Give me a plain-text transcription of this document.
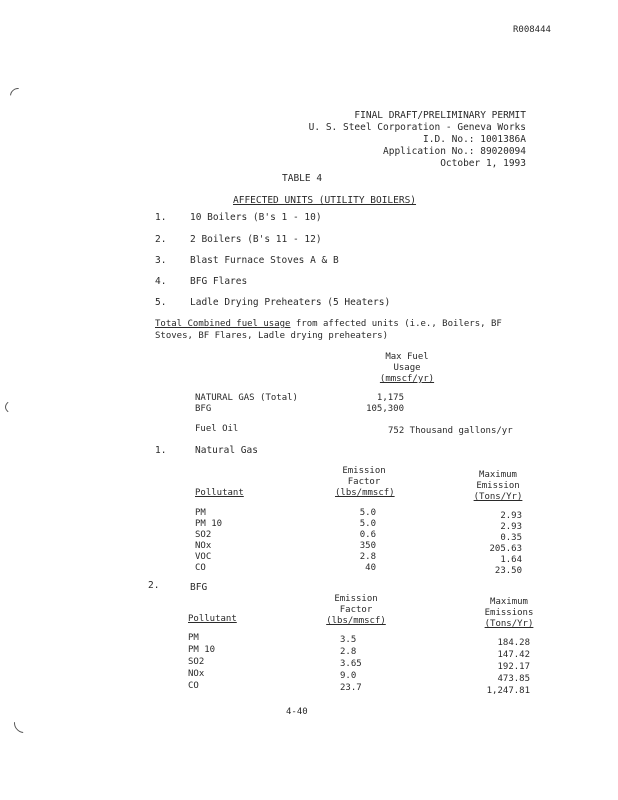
R008444
FINAL DRAFT/PRELIMINARY PERMIT
U. S. Steel Corporation - Geneva Works
I.D. No.: 1001386A
Application No.: 89020094
October 1, 1993
TABLE 4
AFFECTED UNITS (UTILITY BOILERS)
1. 10 Boilers (B's 1 - 10)
2. 2 Boilers (B's 11 - 12)
3. Blast Furnace Stoves A & B
4. BFG Flares
5. Ladle Drying Preheaters (5 Heaters)
Total Combined fuel usage from affected units (i.e., Boilers, BF
Stoves, BF Flares, Ladle drying preheaters)
Max Fuel
Usage
(mmscf/yr)
NATURAL GAS (Total)	1,175
BFG	105,300
Fuel Oil	752 Thousand gallons/yr
1.	Natural Gas
Emission
Factor
(lbs/mmscf)
Maximum
Emission
(Tons/Yr)
Pollutant
PM	5.0	2.93
PM 10	5.0	2.93
SO2	0.6	0.35
NOx	350	205.63
VOC	2.8	1.64
CO	40	23.50
2.	BFG
Emission
Factor
(lbs/mmscf)
Maximum
Emissions
(Tons/Yr)
Pollutant
PM	3.5	184.28
PM 10	2.8	147.42
SO2	3.65	192.17
NOx	9.0	473.85
CO	23.7	1,247.81
4-40
